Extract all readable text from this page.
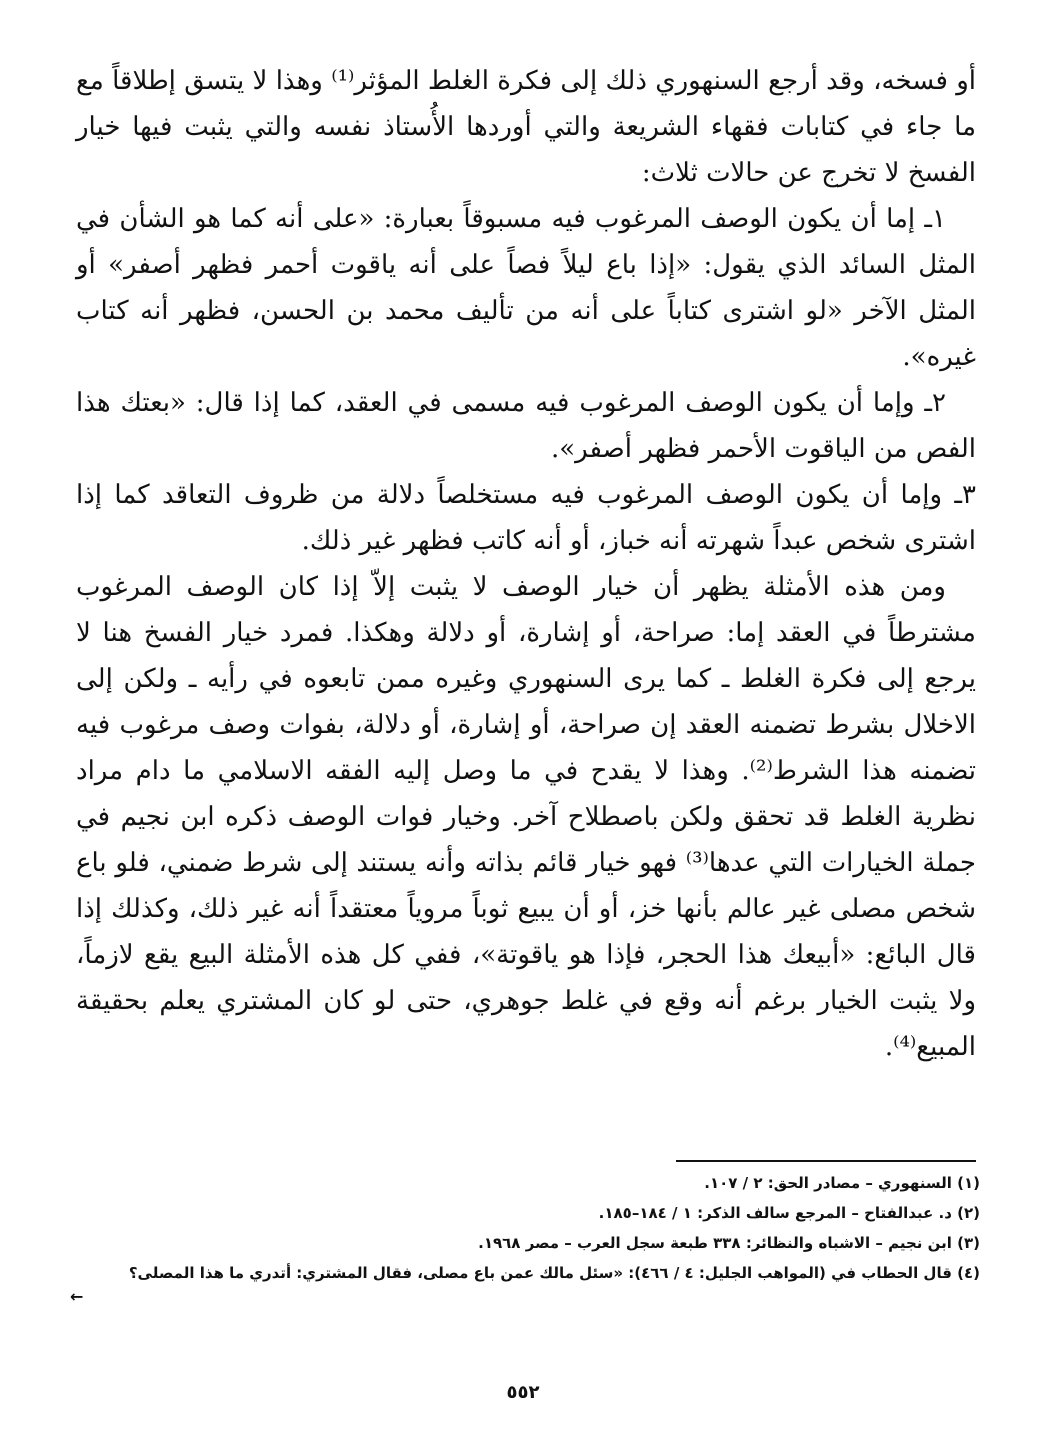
أو فسخه، وقد أرجع السنهوري ذلك إلى فكرة الغلط المؤثر⁽¹⁾ وهذا لا يتسق إطلاقاً مع ما جاء في كتابات فقهاء الشريعة والتي أوردها الأُستاذ نفسه والتي يثبت فيها خيار الفسخ لا تخرج عن حالات ثلاث:

١ـ إما أن يكون الوصف المرغوب فيه مسبوقاً بعبارة: «على أنه كما هو الشأن في المثل السائد الذي يقول: «إذا باع ليلاً فصاً على أنه ياقوت أحمر فظهر أصفر» أو المثل الآخر «لو اشترى كتاباً على أنه من تأليف محمد بن الحسن، فظهر أنه كتاب غيره».

٢ـ وإما أن يكون الوصف المرغوب فيه مسمى في العقد، كما إذا قال: «بعتك هذا الفص من الياقوت الأحمر فظهر أصفر».

٣ـ وإما أن يكون الوصف المرغوب فيه مستخلصاً دلالة من ظروف التعاقد كما إذا اشترى شخص عبداً شهرته أنه خباز، أو أنه كاتب فظهر غير ذلك.

ومن هذه الأمثلة يظهر أن خيار الوصف لا يثبت إلاّ إذا كان الوصف المرغوب مشترطاً في العقد إما: صراحة، أو إشارة، أو دلالة وهكذا. فمرد خيار الفسخ هنا لا يرجع إلى فكرة الغلط ـ كما يرى السنهوري وغيره ممن تابعوه في رأيه ـ ولكن إلى الاخلال بشرط تضمنه العقد إن صراحة، أو إشارة، أو دلالة، بفوات وصف مرغوب فيه تضمنه هذا الشرط⁽²⁾. وهذا لا يقدح في ما وصل إليه الفقه الاسلامي ما دام مراد نظرية الغلط قد تحقق ولكن باصطلاح آخر. وخيار فوات الوصف ذكره ابن نجيم في جملة الخيارات التي عدها⁽³⁾ فهو خيار قائم بذاته وأنه يستند إلى شرط ضمني، فلو باع شخص مصلى غير عالم بأنها خز، أو أن يبيع ثوباً مروياً معتقداً أنه غير ذلك، وكذلك إذا قال البائع: «أبيعك هذا الحجر، فإذا هو ياقوتة»، ففي كل هذه الأمثلة البيع يقع لازماً، ولا يثبت الخيار برغم أنه وقع في غلط جوهري، حتى لو كان المشتري يعلم بحقيقة المبيع⁽⁴⁾.

(١) السنهوري – مصادر الحق: ٢ / ١٠٧.

(٢) د. عبدالفتاح – المرجع سالف الذكر: ١ / ١٨٤–١٨٥.

(٣) ابن نجيم – الاشباه والنظائر: ٣٣٨ طبعة سجل العرب – مصر ١٩٦٨.

(٤) قال الحطاب في (المواهب الجليل: ٤ / ٤٦٦): «سئل مالك عمن باع مصلى، فقال المشتري: أتدري ما هذا المصلى؟

←

٥٥٢
